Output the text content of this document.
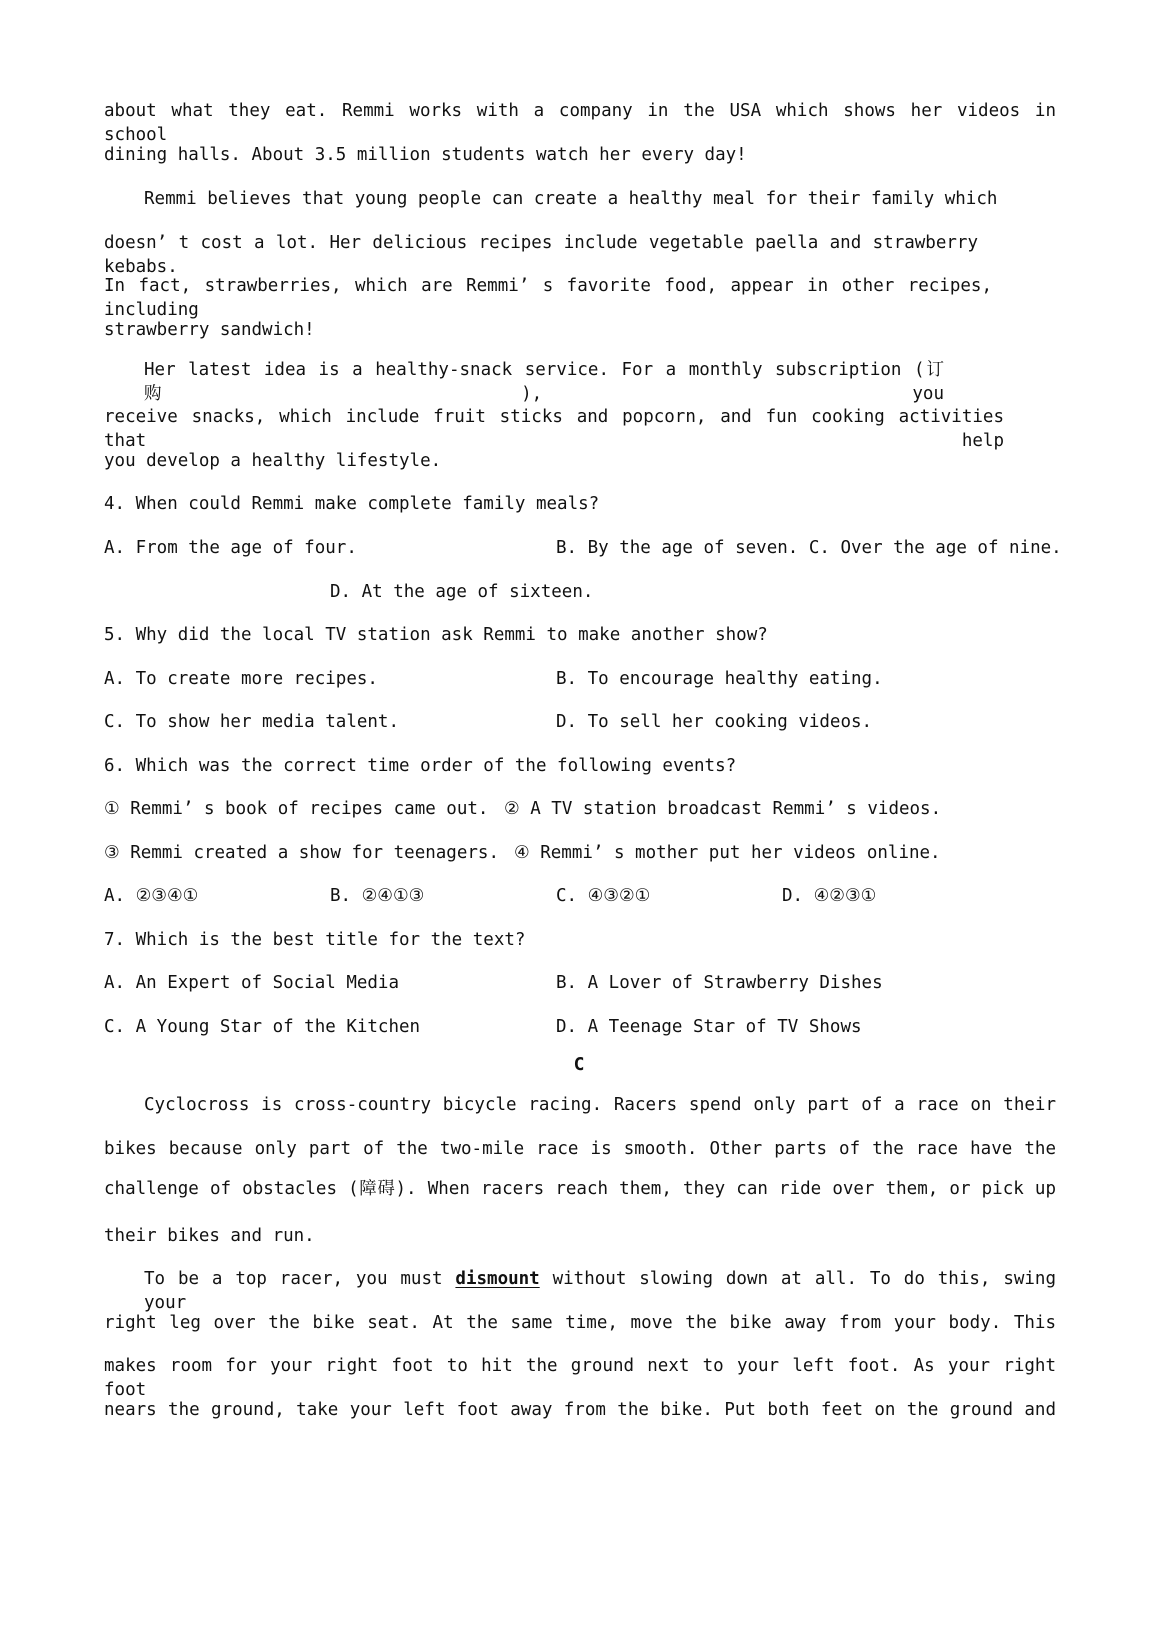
about what they eat. Remmi works with a company in the USA which shows her videos in school
dining halls. About 3.5 million students watch her every day!
Remmi believes that young people can create a healthy meal for their family which
doesn’ t cost a lot. Her delicious recipes include vegetable paella and strawberry kebabs.
In fact, strawberries, which are Remmi’ s favorite food, appear in other recipes, including
strawberry sandwich!
Her latest idea is a healthy-snack service. For a monthly subscription (订购), you
receive snacks, which include fruit sticks and popcorn, and fun cooking activities that help
you develop a healthy lifestyle.
4. When could Remmi make complete family meals?
A. From the age of four.	B. By the age of seven. C. Over the age of nine.
D. At the age of sixteen.
5. Why did the local TV station ask Remmi to make another show?
A. To create more recipes.	B. To encourage healthy eating.
C. To show her media talent.	D. To sell her cooking videos.
6. Which was the correct time order of the following events?
① Remmi’ s book of recipes came out. ② A TV station broadcast Remmi’ s videos.
③ Remmi created a show for teenagers. ④ Remmi’ s mother put her videos online.
A. ②③④①	B. ②④①③	C. ④③②①	D. ④②③①
7. Which is the best title for the text?
A. An Expert of Social Media	B. A Lover of Strawberry Dishes
C. A Young Star of the Kitchen	D. A Teenage Star of TV Shows
C
Cyclocross is cross-country bicycle racing. Racers spend only part of a race on their
bikes because only part of the two-mile race is smooth. Other parts of the race have the
challenge of obstacles (障碍). When racers reach them, they can ride over them, or pick up
their bikes and run.
To be a top racer, you must dismount without slowing down at all. To do this, swing your
right leg over the bike seat. At the same time, move the bike away from your body. This
makes room for your right foot to hit the ground next to your left foot. As your right foot
nears the ground, take your left foot away from the bike. Put both feet on the ground and
